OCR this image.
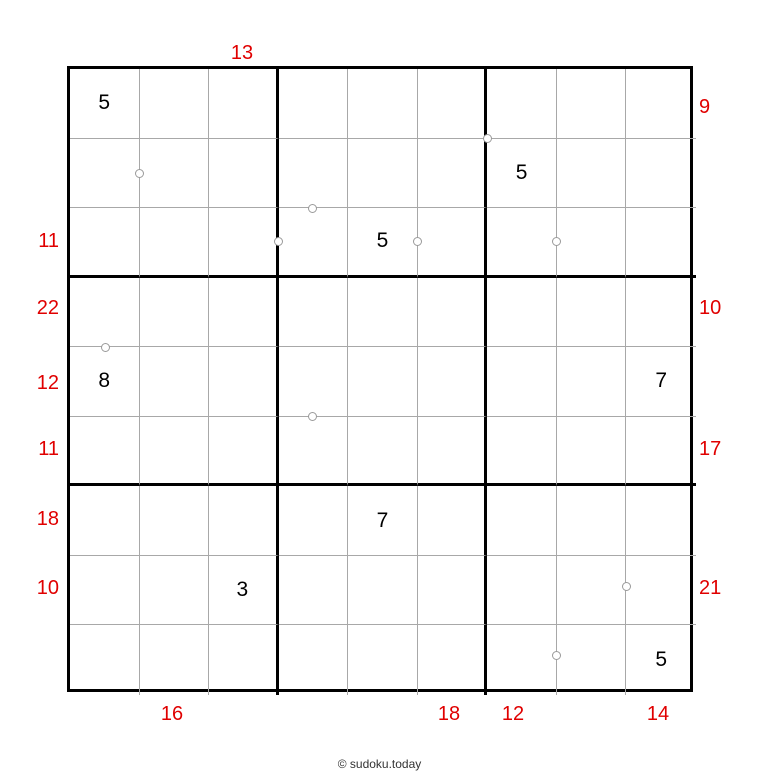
13
9
11
22	10
12
11	17
18
10	21
16	18	12	14
5
5
5
8	7
7
3
5
© sudoku.today
